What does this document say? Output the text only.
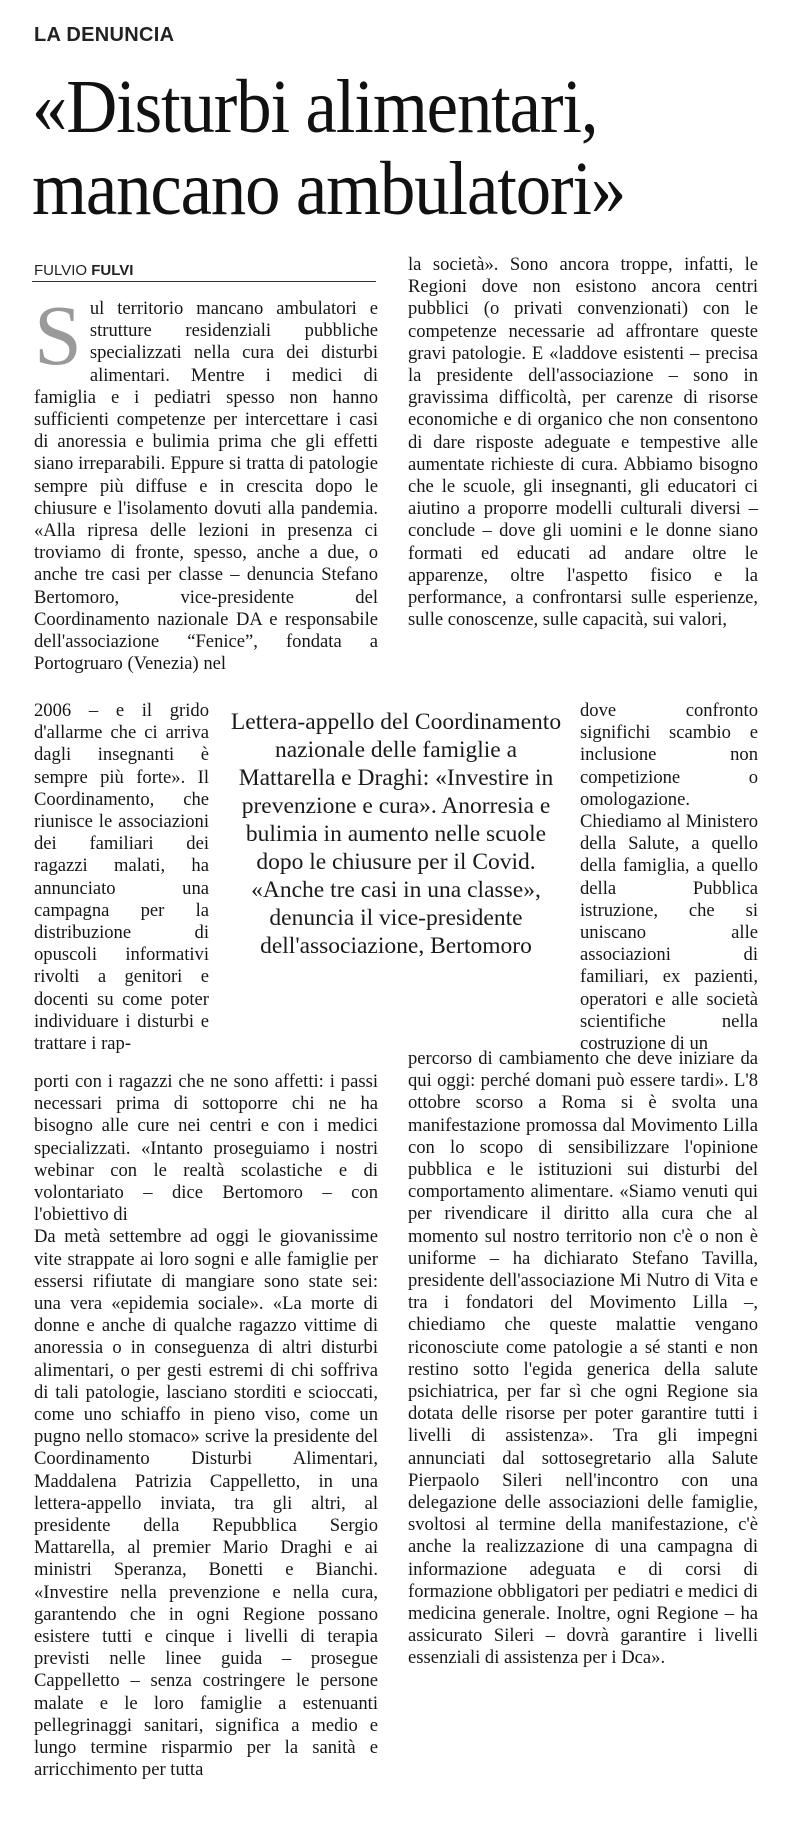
LA DENUNCIA
«Disturbi alimentari,
mancano ambulatori»
FULVIO FULVI
S ul territorio mancano ambulatori e strutture residenziali pubbliche specializzati nella cura dei disturbi alimentari. Mentre i medici di famiglia e i pediatri spesso non hanno sufficienti competenze per intercettare i casi di anoressia e bulimia prima che gli effetti siano irreparabili. Eppure si tratta di patologie sempre più diffuse e in crescita dopo le chiusure e l'isolamento dovuti alla pandemia. «Alla ripresa delle lezioni in presenza ci troviamo di fronte, spesso, anche a due, o anche tre casi per classe – denuncia Stefano Bertomoro, vice-presidente del Coordinamento nazionale DA e responsabile dell'associazione “Fenice”, fondata a Portogruaro (Venezia) nel

2006 – e il grido d'allarme che ci arriva dagli insegnanti è sempre più forte». Il Coordinamento, che riunisce le associazioni dei familiari dei ragazzi malati, ha annunciato una campagna per la distribuzione di opuscoli informativi rivolti a genitori e docenti su come poter individuare i disturbi e trattare i rap-

Lettera-appello del Coordinamento nazionale delle famiglie a Mattarella e Draghi: «Investire in prevenzione e cura». Anorresia e bulimia in aumento nelle scuole dopo le chiusure per il Covid. «Anche tre casi in una classe», denuncia il vice-presidente dell'associazione, Bertomoro

porti con i ragazzi che ne sono affetti: i passi necessari prima di sottoporre chi ne ha bisogno alle cure nei centri e con i medici specializzati. «Intanto proseguiamo i nostri webinar con le realtà scolastiche e di volontariato – dice Bertomoro – con l'obiettivo di

Da metà settembre ad oggi le giovanissime vite strappate ai loro sogni e alle famiglie per essersi rifiutate di mangiare sono state sei: una vera «epidemia sociale». «La morte di donne e anche di qualche ragazzo vittime di anoressia o in conseguenza di altri disturbi alimentari, o per gesti estremi di chi soffriva di tali patologie, lasciano storditi e scioccati, come uno schiaffo in pieno viso, come un pugno nello stomaco» scrive la presidente del Coordinamento Disturbi Alimentari, Maddalena Patrizia Cappelletto, in una lettera-appello inviata, tra gli altri, al presidente della Repubblica Sergio Mattarella, al premier Mario Draghi e ai ministri Speranza, Bonetti e Bianchi. «Investire nella prevenzione e nella cura, garantendo che in ogni Regione possano esistere tutti e cinque i livelli di terapia previsti nelle linee guida – prosegue Cappelletto – senza costringere le persone malate e le loro famiglie a estenuanti pellegrinaggi sanitari, significa a medio e lungo termine risparmio per la sanità e arricchimento per tutta

la società». Sono ancora troppe, infatti, le Regioni dove non esistono ancora centri pubblici (o privati convenzionati) con le competenze necessarie ad affrontare queste gravi patologie. E «laddove esistenti – precisa la presidente dell'associazione – sono in gravissima difficoltà, per carenze di risorse economiche e di organico che non consentono di dare risposte adeguate e tempestive alle aumentate richieste di cura. Abbiamo bisogno che le scuole, gli insegnanti, gli educatori ci aiutino a proporre modelli culturali diversi – conclude – dove gli uomini e le donne siano formati ed educati ad andare oltre le apparenze, oltre l'aspetto fisico e la performance, a confrontarsi sulle esperienze, sulle conoscenze, sulle capacità, sui valori,

dove confronto significhi scambio e inclusione non competizione o omologazione. Chiediamo al Ministero della Salute, a quello della famiglia, a quello della Pubblica istruzione, che si uniscano alle associazioni di familiari, ex pazienti, operatori e alle società scientifiche nella costruzione di un

percorso di cambiamento che deve iniziare da qui oggi: perché domani può essere tardi». L'8 ottobre scorso a Roma si è svolta una manifestazione promossa dal Movimento Lilla con lo scopo di sensibilizzare l'opinione pubblica e le istituzioni sui disturbi del comportamento alimentare. «Siamo venuti qui per rivendicare il diritto alla cura che al momento sul nostro territorio non c'è o non è uniforme – ha dichiarato Stefano Tavilla, presidente dell'associazione Mi Nutro di Vita e tra i fondatori del Movimento Lilla –, chiediamo che queste malattie vengano riconosciute come patologie a sé stanti e non restino sotto l'egida generica della salute psichiatrica, per far sì che ogni Regione sia dotata delle risorse per poter garantire tutti i livelli di assistenza». Tra gli impegni annunciati dal sottosegretario alla Salute Pierpaolo Sileri nell'incontro con una delegazione delle associazioni delle famiglie, svoltosi al termine della manifestazione, c'è anche la realizzazione di una campagna di informazione adeguata e di corsi di formazione obbligatori per pediatri e medici di medicina generale. Inoltre, ogni Regione – ha assicurato Sileri – dovrà garantire i livelli essenziali di assistenza per i Dca».
